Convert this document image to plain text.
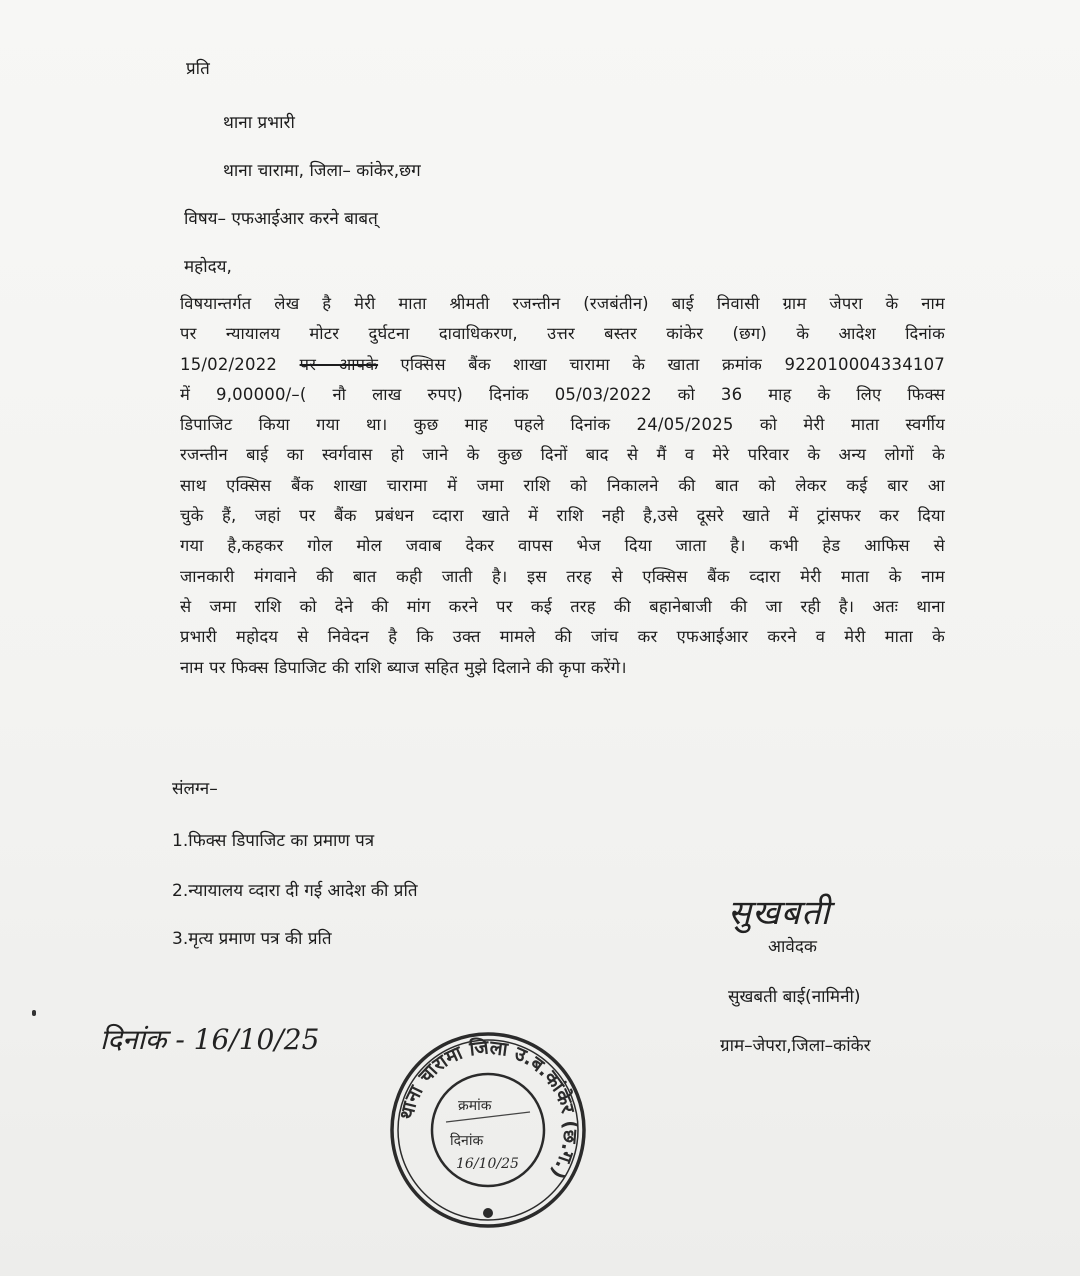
प्रति
थाना प्रभारी
थाना चारामा, जिला– कांकेर,छग
विषय– एफआईआर करने बाबत्
महोदय,
विषयान्तर्गत लेख है मेरी माता श्रीमती रजन्तीन (रजबंतीन) बाई निवासी ग्राम जेपरा के नाम
पर न्यायालय मोटर दुर्घटना दावाधिकरण, उत्तर बस्तर कांकेर (छग) के आदेश दिनांक
15/02/2022 पर आपके एक्सिस बैंक शाखा चारामा के खाता क्रमांक 922010004334107
में 9,00000/–( नौ लाख रुपए) दिनांक 05/03/2022 को 36 माह के लिए फिक्स
डिपाजिट किया गया था। कुछ माह पहले दिनांक 24/05/2025 को मेरी माता स्वर्गीय
रजन्तीन बाई का स्वर्गवास हो जाने के कुछ दिनों बाद से मैं व मेरे परिवार के अन्य लोगों के
साथ एक्सिस बैंक शाखा चारामा में जमा राशि को निकालने की बात को लेकर कई बार आ
चुके हैं, जहां पर बैंक प्रबंधन व्दारा खाते में राशि नही है,उसे दूसरे खाते में ट्रांसफर कर दिया
गया है,कहकर गोल मोल जवाब देकर वापस भेज दिया जाता है। कभी हेड आफिस से
जानकारी मंगवाने की बात कही जाती है। इस तरह से एक्सिस बैंक व्दारा मेरी माता के नाम
से जमा राशि को देने की मांग करने पर कई तरह की बहानेबाजी की जा रही है। अतः थाना
प्रभारी महोदय से निवेदन है कि उक्त मामले की जांच कर एफआईआर करने व मेरी माता के
नाम पर फिक्स डिपाजिट की राशि ब्याज सहित मुझे दिलाने की कृपा करेंगे।
संलग्न–
1.फिक्स डिपाजिट का प्रमाण पत्र
2.न्यायालय व्दारा दी गई आदेश की प्रति
3.मृत्य प्रमाण पत्र की प्रति
सुखबती
आवेदक
सुखबती बाई(नामिनी)
ग्राम–जेपरा,जिला–कांकेर
दिनांक - 16/10/25
थाना चारामा जिला उ.ब.कांकेर (छ.ग.)
क्रमांक
दिनांक
16/10/25
